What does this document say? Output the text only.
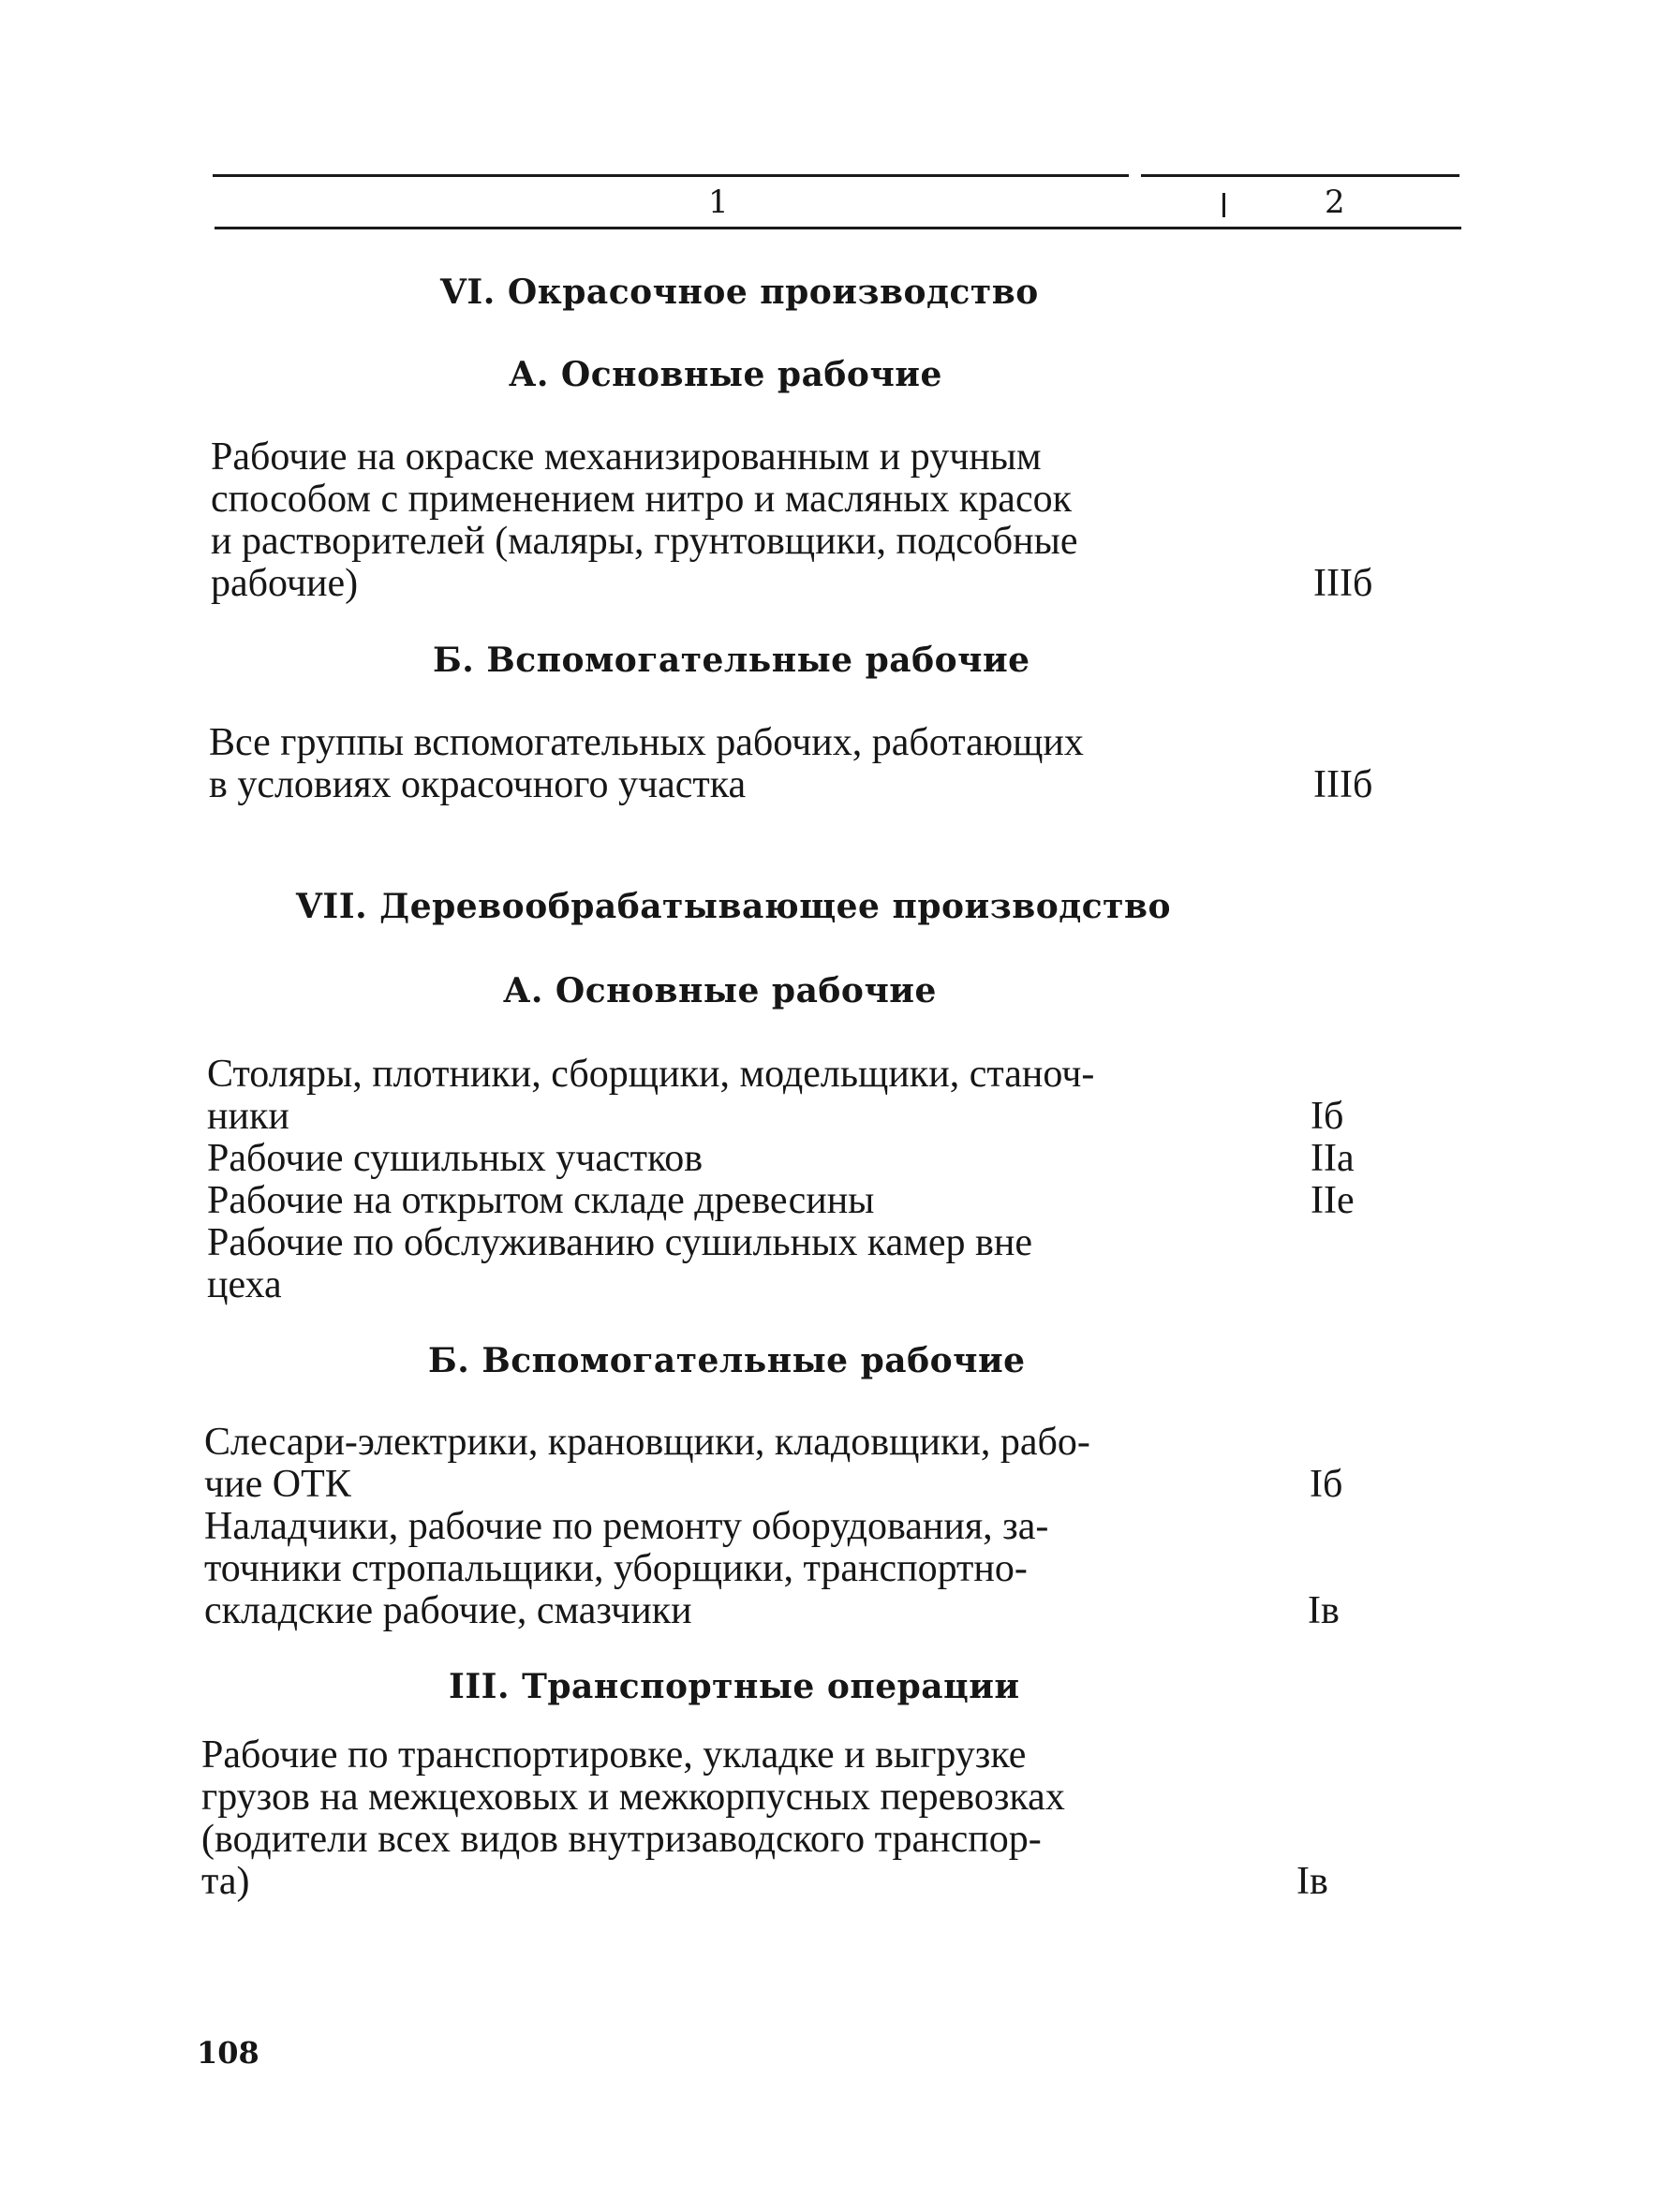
1	2
VI. Окрасочное производство
А. Основные рабочие
Рабочие на окраске механизированным и ручным
способом с применением нитро и масляных красок
и растворителей (маляры, грунтовщики, подсобные
рабочие)	IIIб
Б. Вспомогательные рабочие
Все группы вспомогательных рабочих, работающих
в условиях окрасочного участка	IIIб
VII. Деревообрабатывающее производство
А. Основные рабочие
Столяры, плотники, сборщики, модельщики, станоч-
ники	Iб
Рабочие сушильных участков	IIа
Рабочие на открытом складе древесины	IIе
Рабочие по обслуживанию сушильных камер вне
цеха
Б. Вспомогательные рабочие
Слесари-электрики, крановщики, кладовщики, рабо-
чие ОТК	Iб
Наладчики, рабочие по ремонту оборудования, за-
точники стропальщики, уборщики, транспортно-
складские рабочие, смазчики	Iв
III. Транспортные операции
Рабочие по транспортировке, укладке и выгрузке
грузов на межцеховых и межкорпусных перевозках
(водители всех видов внутризаводского транспор-
та)	Iв
108
